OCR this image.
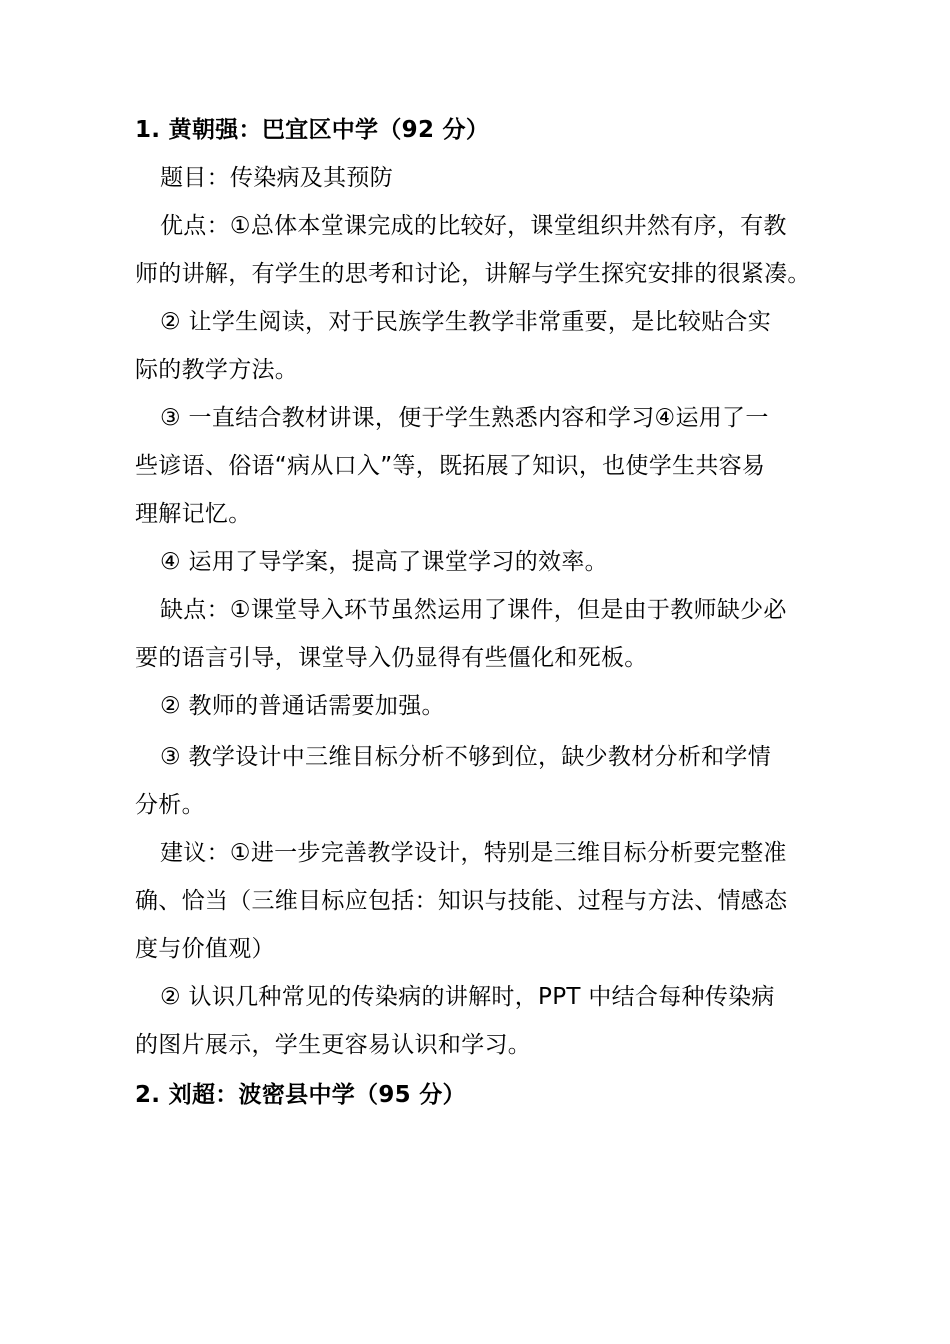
1. 黄朝强：巴宜区中学（92 分）
题目：传染病及其预防
优点：①总体本堂课完成的比较好，课堂组织井然有序，有教
师的讲解，有学生的思考和讨论，讲解与学生探究安排的很紧凑。
② 让学生阅读，对于民族学生教学非常重要，是比较贴合实
际的教学方法。
③ 一直结合教材讲课，便于学生熟悉内容和学习④运用了一
些谚语、俗语“病从口入”等，既拓展了知识，也使学生共容易
理解记忆。
④ 运用了导学案，提高了课堂学习的效率。
缺点：①课堂导入环节虽然运用了课件，但是由于教师缺少必
要的语言引导，课堂导入仍显得有些僵化和死板。
② 教师的普通话需要加强。
③ 教学设计中三维目标分析不够到位，缺少教材分析和学情
分析。
建议：①进一步完善教学设计，特别是三维目标分析要完整准
确、恰当（三维目标应包括：知识与技能、过程与方法、情感态
度与价值观）
② 认识几种常见的传染病的讲解时，PPT 中结合每种传染病
的图片展示，学生更容易认识和学习。
2. 刘超：波密县中学（95 分）
